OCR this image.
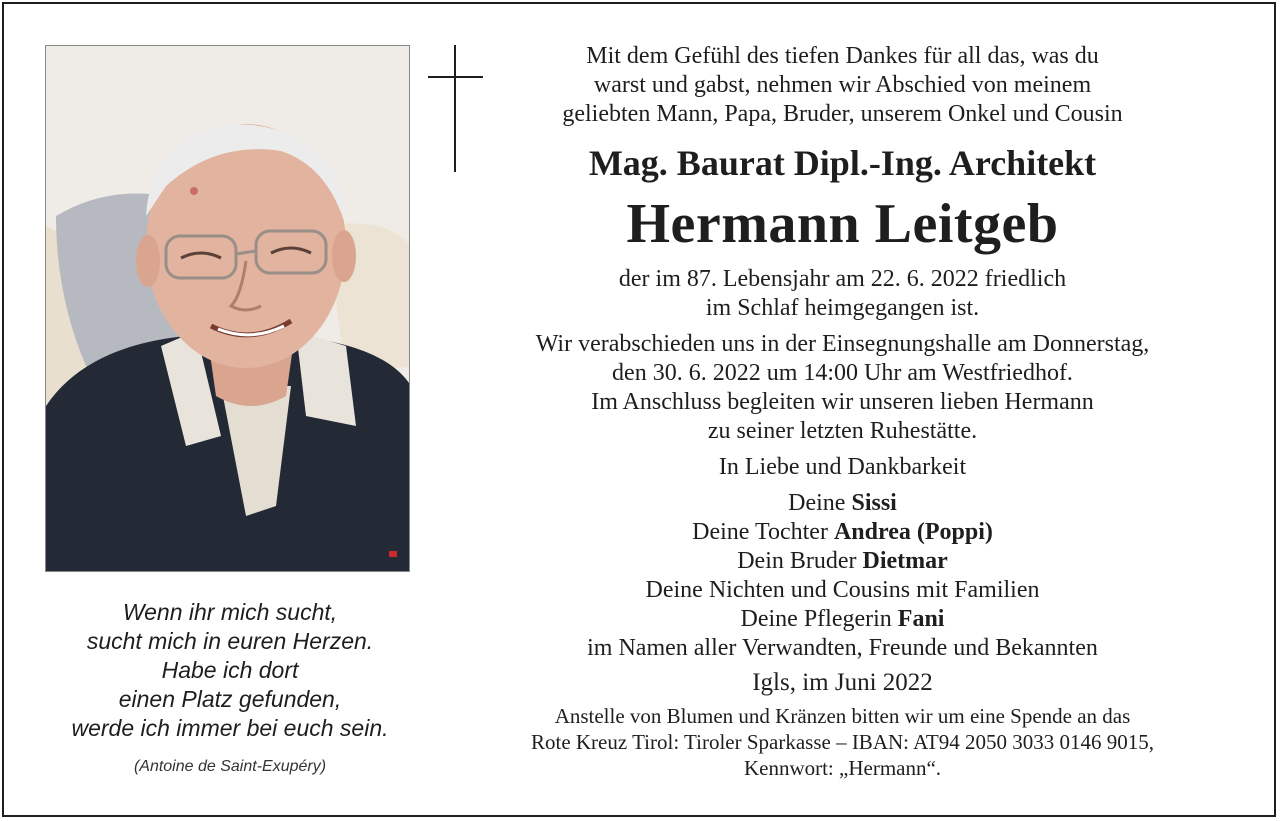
Wenn ihr mich sucht,
sucht mich in euren Herzen.
Habe ich dort
einen Platz gefunden,
werde ich immer bei euch sein.
(Antoine de Saint-Exupéry)
Mit dem Gefühl des tiefen Dankes für all das, was du
warst und gabst, nehmen wir Abschied von meinem
geliebten Mann, Papa, Bruder, unserem Onkel und Cousin
Mag. Baurat Dipl.-Ing. Architekt
Hermann Leitgeb
der im 87. Lebensjahr am 22. 6. 2022 friedlich
im Schlaf heimgegangen ist.
Wir verabschieden uns in der Einsegnungshalle am Donnerstag,
den 30. 6. 2022 um 14:00 Uhr am Westfriedhof.
Im Anschluss begleiten wir unseren lieben Hermann
zu seiner letzten Ruhestätte.
In Liebe und Dankbarkeit
Deine Sissi
Deine Tochter Andrea (Poppi)
Dein Bruder Dietmar
Deine Nichten und Cousins mit Familien
Deine Pflegerin Fani
im Namen aller Verwandten, Freunde und Bekannten
Igls, im Juni 2022
Anstelle von Blumen und Kränzen bitten wir um eine Spende an das
Rote Kreuz Tirol: Tiroler Sparkasse – IBAN: AT94 2050 3033 0146 9015,
Kennwort: „Hermann“.
